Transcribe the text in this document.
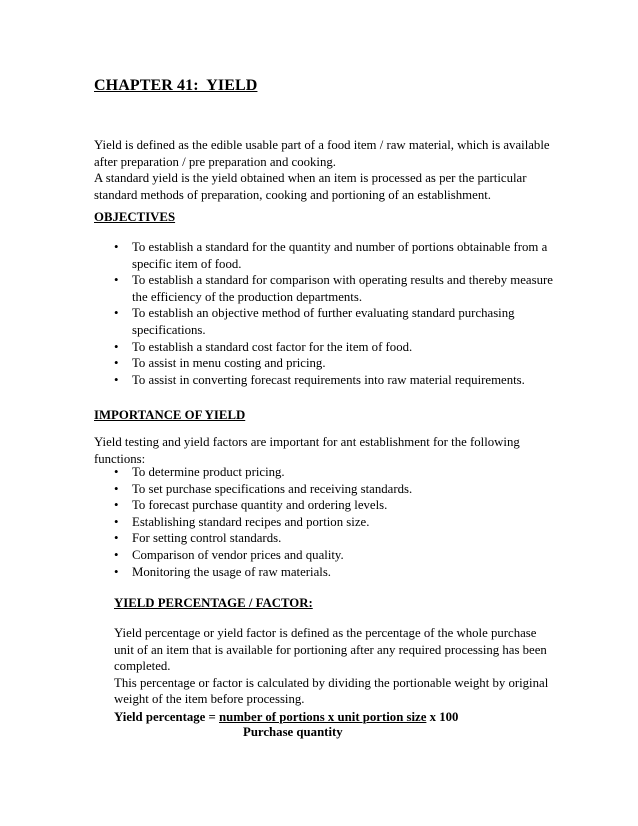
CHAPTER 41:  YIELD
Yield is defined as the edible usable part of a food item / raw material, which is available
after preparation / pre preparation and cooking.
A standard yield is the yield obtained when an item is processed as per the particular
standard methods of preparation, cooking and portioning of an establishment.
OBJECTIVES
•	To establish a standard for the quantity and number of portions obtainable from a
specific item of food.
•	To establish a standard for comparison with operating results and thereby measure
the efficiency of the production departments.
•	To establish an objective method of further evaluating standard purchasing
specifications.
•	To establish a standard cost factor for the item of food.
•	To assist in menu costing and pricing.
•	To assist in converting forecast requirements into raw material requirements.
IMPORTANCE OF YIELD
Yield testing and yield factors are important for ant establishment for the following
functions:
•	To determine product pricing.
•	To set purchase specifications and receiving standards.
•	To forecast purchase quantity and ordering levels.
•	Establishing standard recipes and portion size.
•	For setting control standards.
•	Comparison of vendor prices and quality.
•	Monitoring the usage of raw materials.
YIELD PERCENTAGE / FACTOR:
Yield percentage or yield factor is defined as the percentage of the whole purchase
unit of an item that is available for portioning after any required processing has been
completed.
This percentage or factor is calculated by dividing the portionable weight by original
weight of the item before processing.
Yield percentage = number of portions x unit portion size x 100
Purchase quantity
